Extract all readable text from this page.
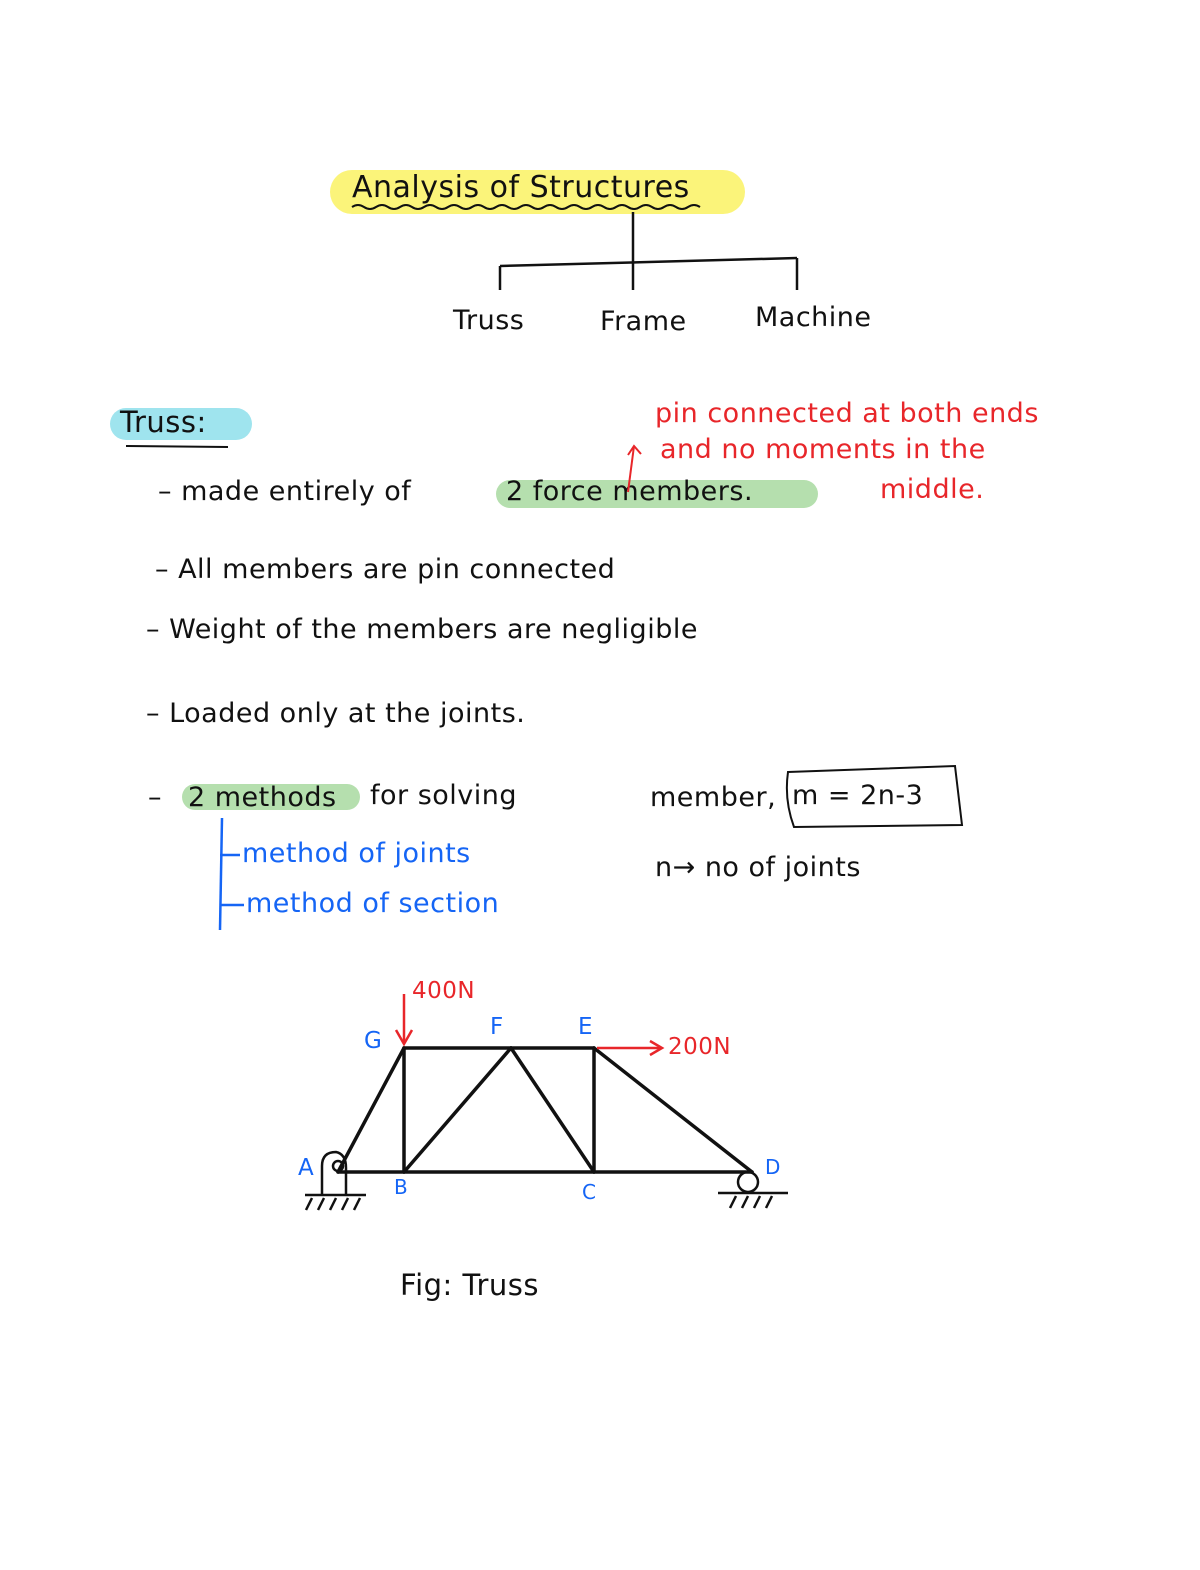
Analysis of Structures
Truss	Frame	Machine
Truss:
– made entirely of	2 force members.
– All members are pin connected
– Weight of the members are negligible
– Loaded only at the joints.
– 2 methods for solving
method of joints
method of section
pin connected at both ends
and no moments in the
middle.
member, m = 2n-3
n→ no of joints
400N
200N
G
F	E
A
B	C
D
Fig: Truss
